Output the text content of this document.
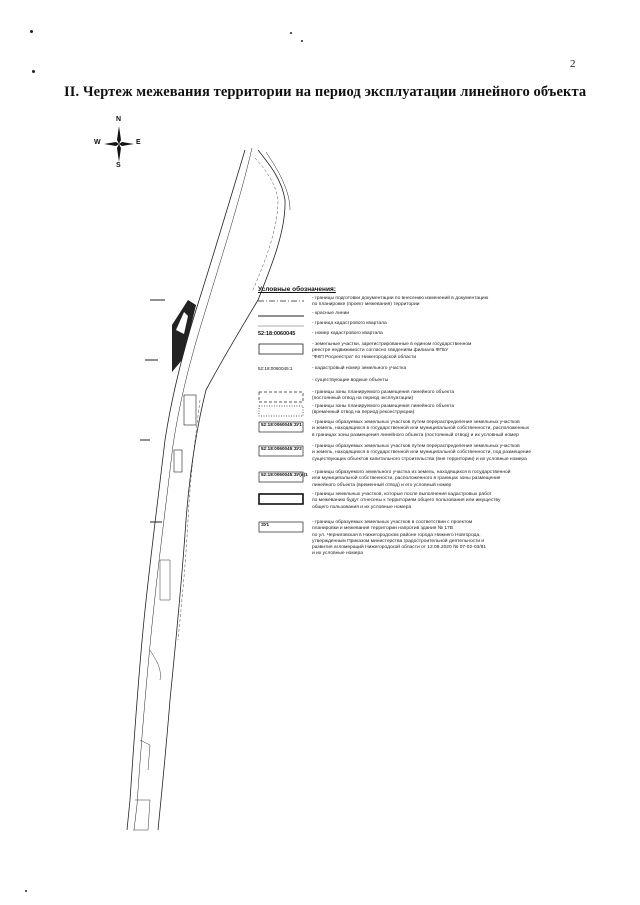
2
II. Чертеж межевания территории на период эксплуатации линейного объекта
N
S
W	E
Условные обозначения:
- границы подготовки документации по внесению изменений в документацию
по планировке (проект межевания) территории
- красные линии
- граница кадастрового квартала
52:18:0060045	- номер кадастрового квартала
- земельные участки, зарегистрированные в едином государственном
реестре недвижимости согласно сведениям филиала ФГБУ
"ФКП Росреестра" по Нижегородской области
52:18:0060045:1	- кадастровый номер земельного участка
- существующие водные объекты
- границы зоны планируемого размещения линейного объекта
(постоянный отвод на период эксплуатации)
- границы зоны планируемого размещения линейного объекта
(временный отвод на период реконструкции)
52:18:0060045:ЗУ1 - границы образуемых земельных участков путем перераспределения земельных участков
и земель, находящихся в государственной или муниципальной собственности, расположенных
в границах зоны размещения линейного объекта (постоянный отвод) и их условный номер
52:18:0060045:ЗУ2 - границы образуемых земельных участков путем перераспределения земельных участков
и земель, находящихся в государственной или муниципальной собственности, под размещение
существующих объектов капитального строительства (вне территории) и их условные номера
52:18:0060045:ЗУ(в)1 - границы образуемого земельного участка из земель, находящихся в государственной
или муниципальной собственности, расположенного в границах зоны размещения
линейного объекта (временный отвод) и его условный номер
- границы земельных участков, которые после выполнения кадастровых работ
по межеванию будут отнесены к территориям общего пользования или имуществу
общего пользования и их условные номера
ЗУ1	- границы образуемых земельных участков в соответствии с проектом
планировки и межевания территории напротив здания № 17В
по ул. Черниговская в Нижегородском районе города Нижнего Новгорода,
утвержденным Приказом министерства градостроительной деятельности и
развития агломераций Нижегородской области от 12.09.2020 № 07-02-03/81
и их условные номера
